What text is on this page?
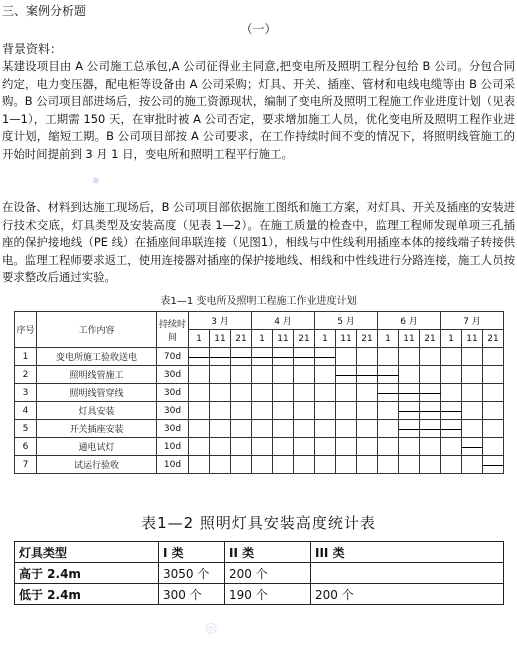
三、案例分析题
（一）
背景资料：

某建设项目由 A 公司施工总承包,A 公司征得业主同意,把变电所及照明工程分包给 B 公司。分包合同约定，电力变压器，配电柜等设备由 A 公司采购；灯具、开关、插座、管材和电线电缆等由 B 公司采购。B 公司项目部进场后，按公司的施工资源现状，编制了变电所及照明工程施工作业进度计划（见表 1—1），工期需 150 天，在审批时被 A 公司否定，要求增加施工人员，优化变电所及照明工程作业进度计划，缩短工期。B 公司项目部按 A 公司要求，在工作持续时间不变的情况下，将照明线管施工的开始时间提前到 3 月 1 日，变电所和照明工程平行施工。

在设备、材料到达施工现场后，B 公司项目部依据施工图纸和施工方案，对灯具、开关及插座的安装进行技术交底，灯具类型及安装高度（见表 1—2）。在施工质量的检查中，监理工程师发现单项三孔插座的保护接地线（PE 线）在插座间串联连接（见图1），相线与中性线利用插座本体的接线端子转接供电。监理工程师要求返工，使用连接器对插座的保护接地线、相线和中性线进行分路连接，施工人员按要求整改后通过实验。

表1—1 变电所及照明工程施工作业进度计划
序号	工作内容	持续时间	3 月			4 月			5 月			6 月			7 月		
			1	11	21	1	11	21	1	11	21	1	11	21	1	11	21
1	变电所施工验收送电	70d															
2	照明线管施工	30d															
3	照明线管穿线	30d															
4	灯具安装	30d															
5	开关插座安装	30d															
6	通电试灯	10d															
7	试运行验收	10d															
表1—2 照明灯具安装高度统计表
灯具类型	I 类	II 类	III 类
高于 2.4m	3050 个	200 个	
低于 2.4m	300 个	190 个	200 个
◆
◎
